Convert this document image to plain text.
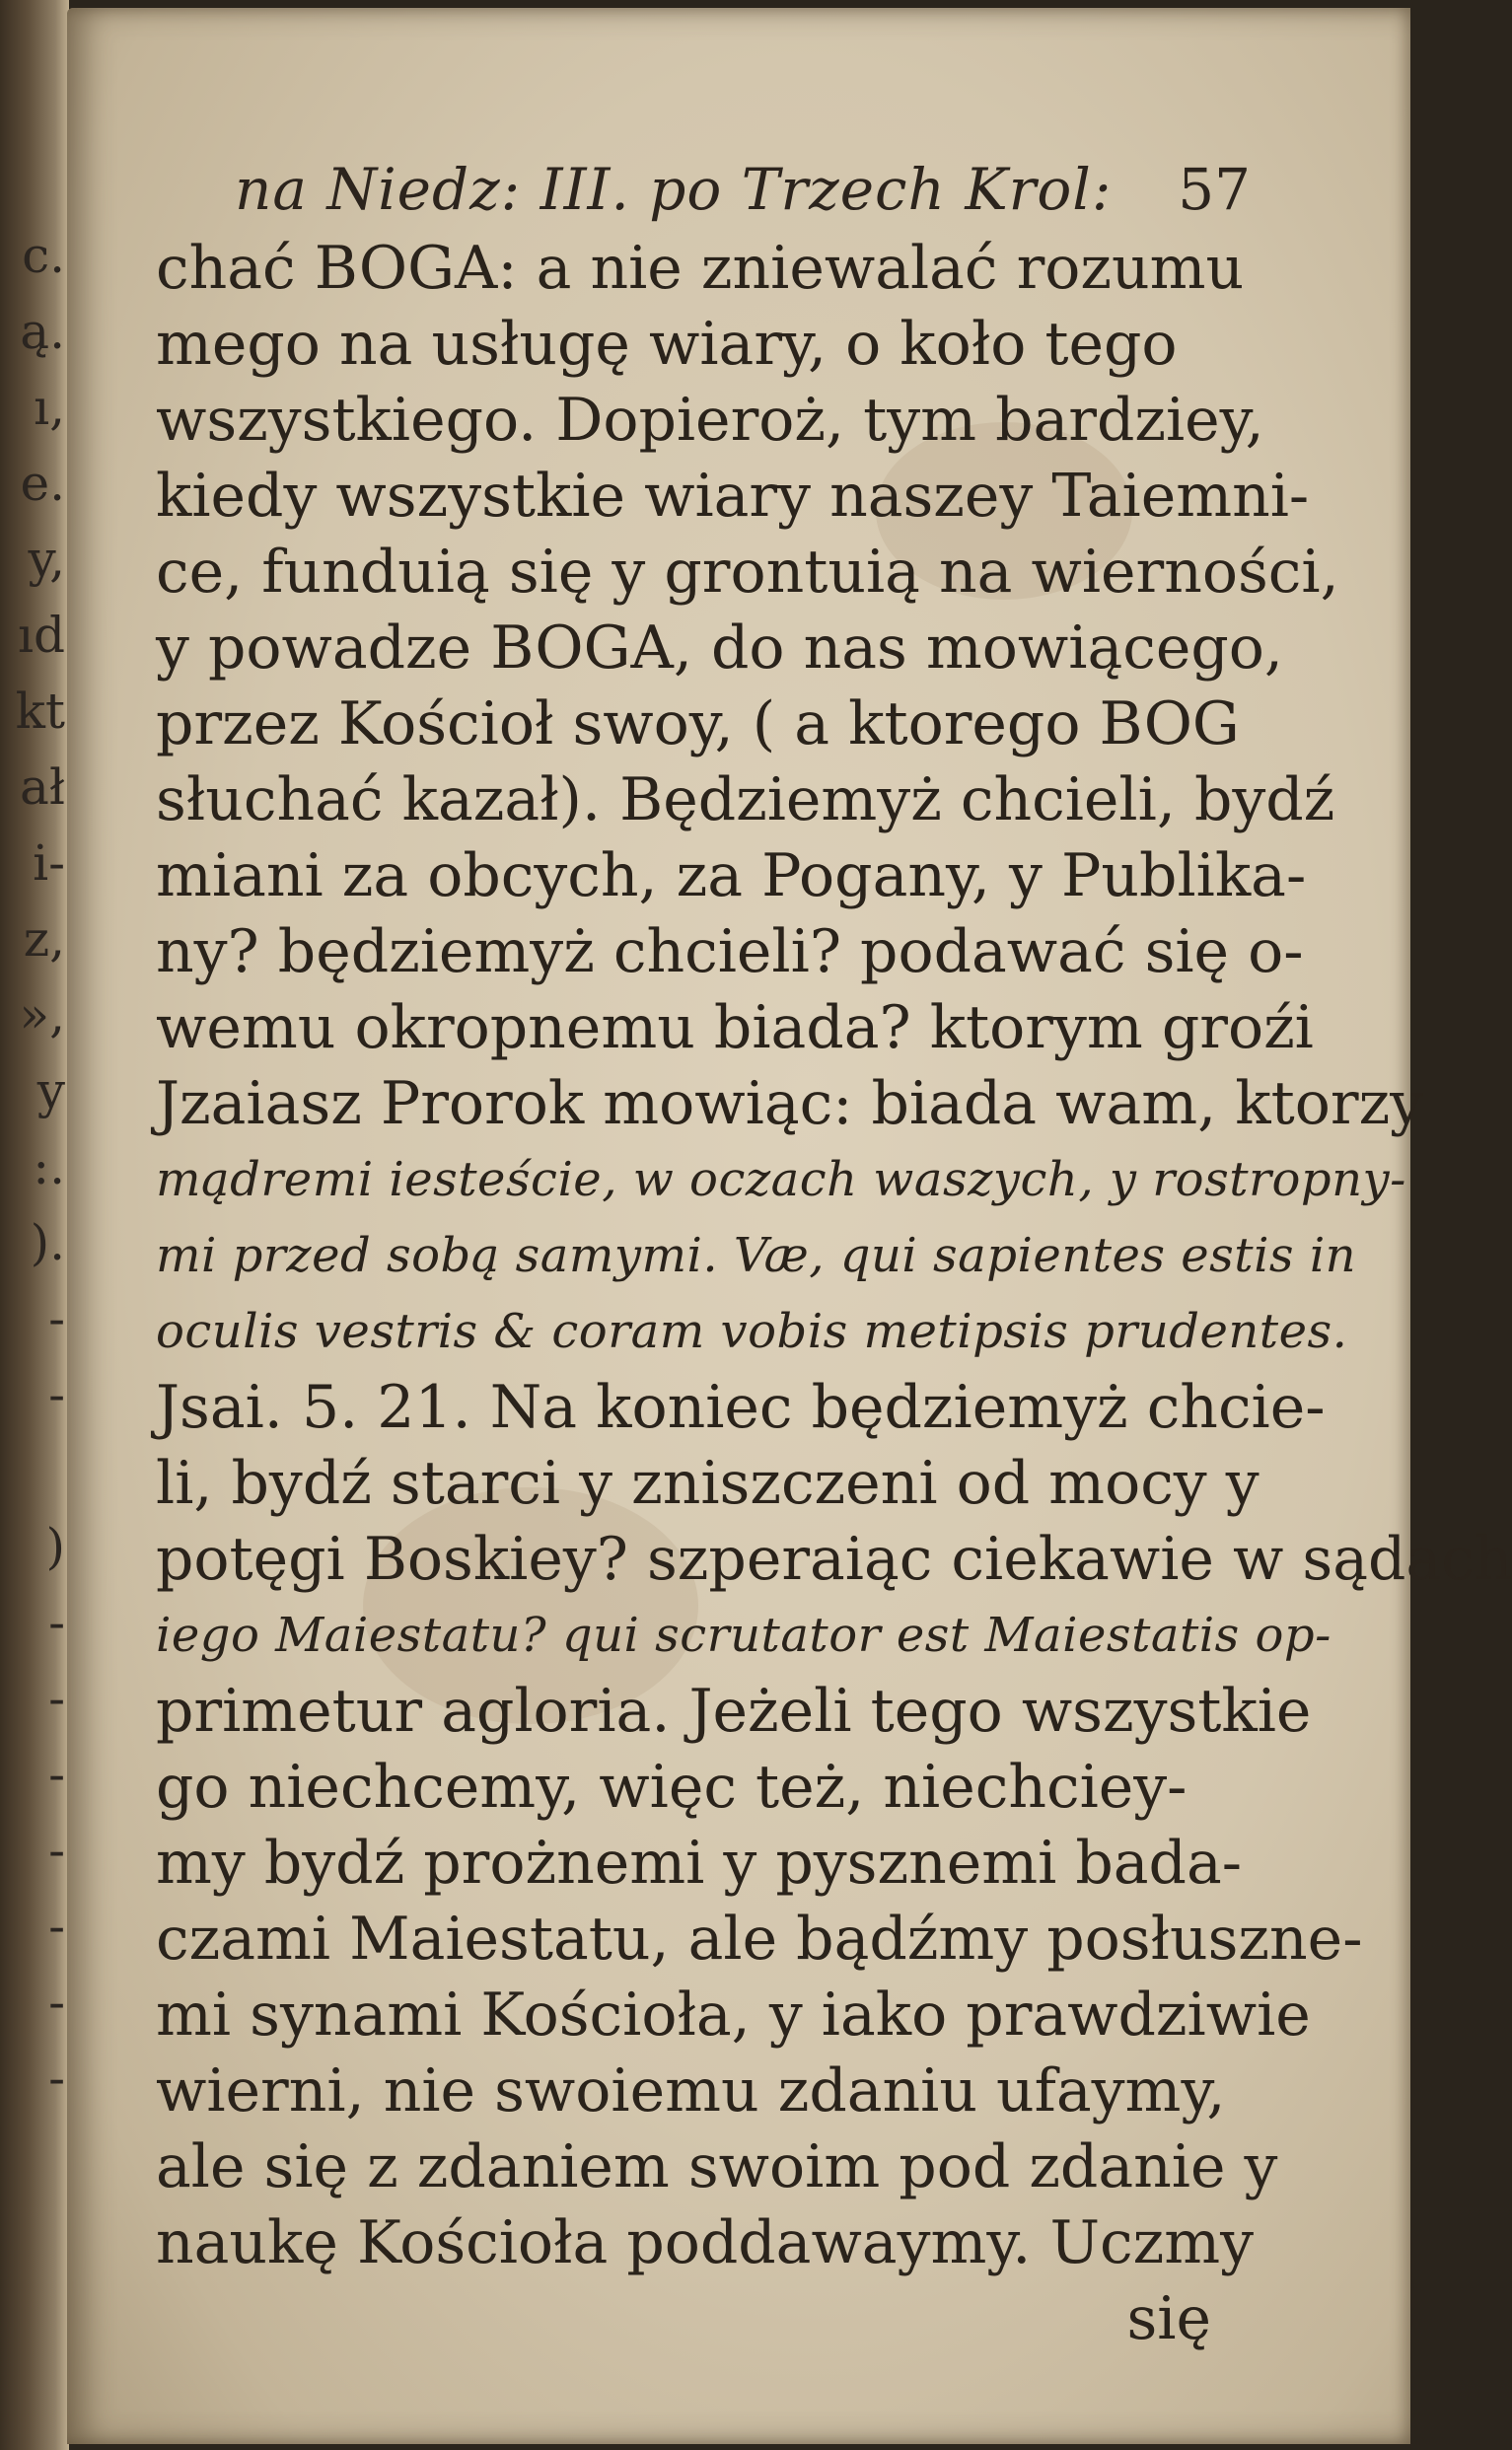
c.
ą.
ı,
e.
y,
ıd
kt
ał
i-
z,
»,
y
:.
).
-
-
)
-
-
-
-
-
-
-
na Niedz: III. po Trzech Krol: 57
chać BOGA: a nie zniewalać rozumu
mego na usługę wiary, o koło tego
wszystkiego. Dopieroż, tym bardziey,
kiedy wszystkie wiary naszey Taiemni-
ce, funduią się y grontuią na wierności,
y powadze BOGA, do nas mowiącego,
przez Kościoł swoy, ( a ktorego BOG
słuchać kazał). Będziemyż chcieli, bydź
miani za obcych, za Pogany, y Publika-
ny? będziemyż chcieli? podawać się o-
wemu okropnemu biada? ktorym groźi
Jzaiasz Prorok mowiąc: biada wam, ktorzy
mądremi iesteście, w oczach waszych, y rostropny-
mi przed sobą samymi. Væ, qui sapientes estis in
oculis vestris & coram vobis metipsis prudentes.
Jsai. 5. 21. Na koniec będziemyż chcie-
li, bydź starci y zniszczeni od mocy y
potęgi Boskiey? szperaiąc ciekawie w sądach
iego Maiestatu? qui scrutator est Maiestatis op-
primetur agloria. Jeżeli tego wszystkie
go niechcemy, więc też, niechciey-
my bydź prożnemi y pysznemi bada-
czami Maiestatu, ale bądźmy posłuszne-
mi synami Kościoła, y iako prawdziwie
wierni, nie swoiemu zdaniu ufaymy,
ale się z zdaniem swoim pod zdanie y
naukę Kościoła poddawaymy. Uczmy
się
